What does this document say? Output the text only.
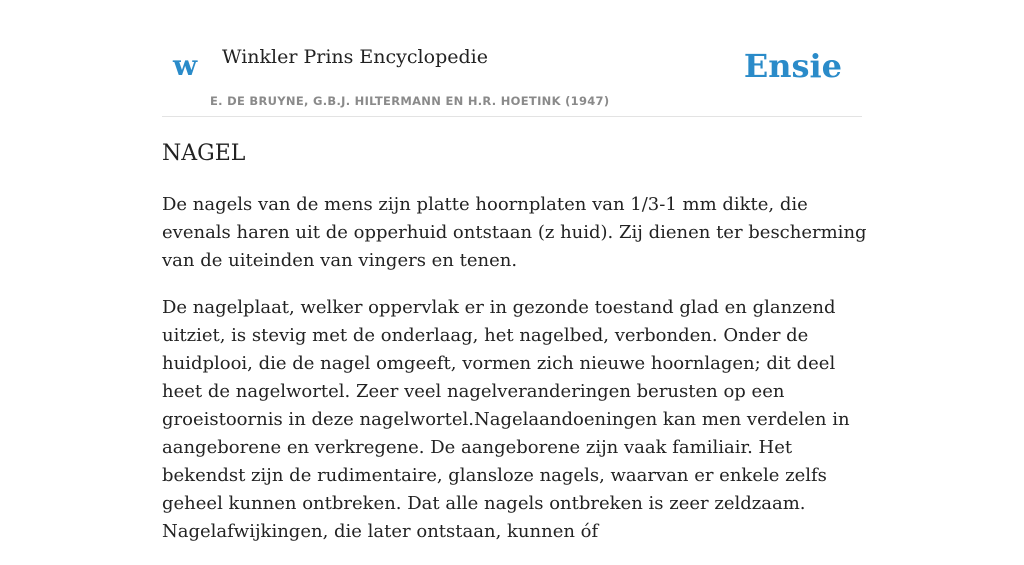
w Winkler Prins Encyclopedie
E. DE BRUYNE, G.B.J. HILTERMANN EN H.R. HOETINK (1947)
Ensie
NAGEL

De nagels van de mens zijn platte hoornplaten van 1/3-1 mm dikte, die evenals haren uit de opperhuid ontstaan (z huid). Zij dienen ter bescherming van de uiteinden van vingers en tenen.

De nagelplaat, welker oppervlak er in gezonde toestand glad en glanzend uitziet, is stevig met de onderlaag, het nagelbed, verbonden. Onder de huidplooi, die de nagel omgeeft, vormen zich nieuwe hoornlagen; dit deel heet de nagelwortel. Zeer veel nagelveranderingen berusten op een groeistoornis in deze nagelwortel.Nagelaandoeningen kan men verdelen in aangeborene en verkregene. De aangeborene zijn vaak familiair. Het bekendst zijn de rudimentaire, glansloze nagels, waarvan er enkele zelfs geheel kunnen ontbreken. Dat alle nagels ontbreken is zeer zeldzaam. Nagelafwijkingen, die later ontstaan, kunnen óf
